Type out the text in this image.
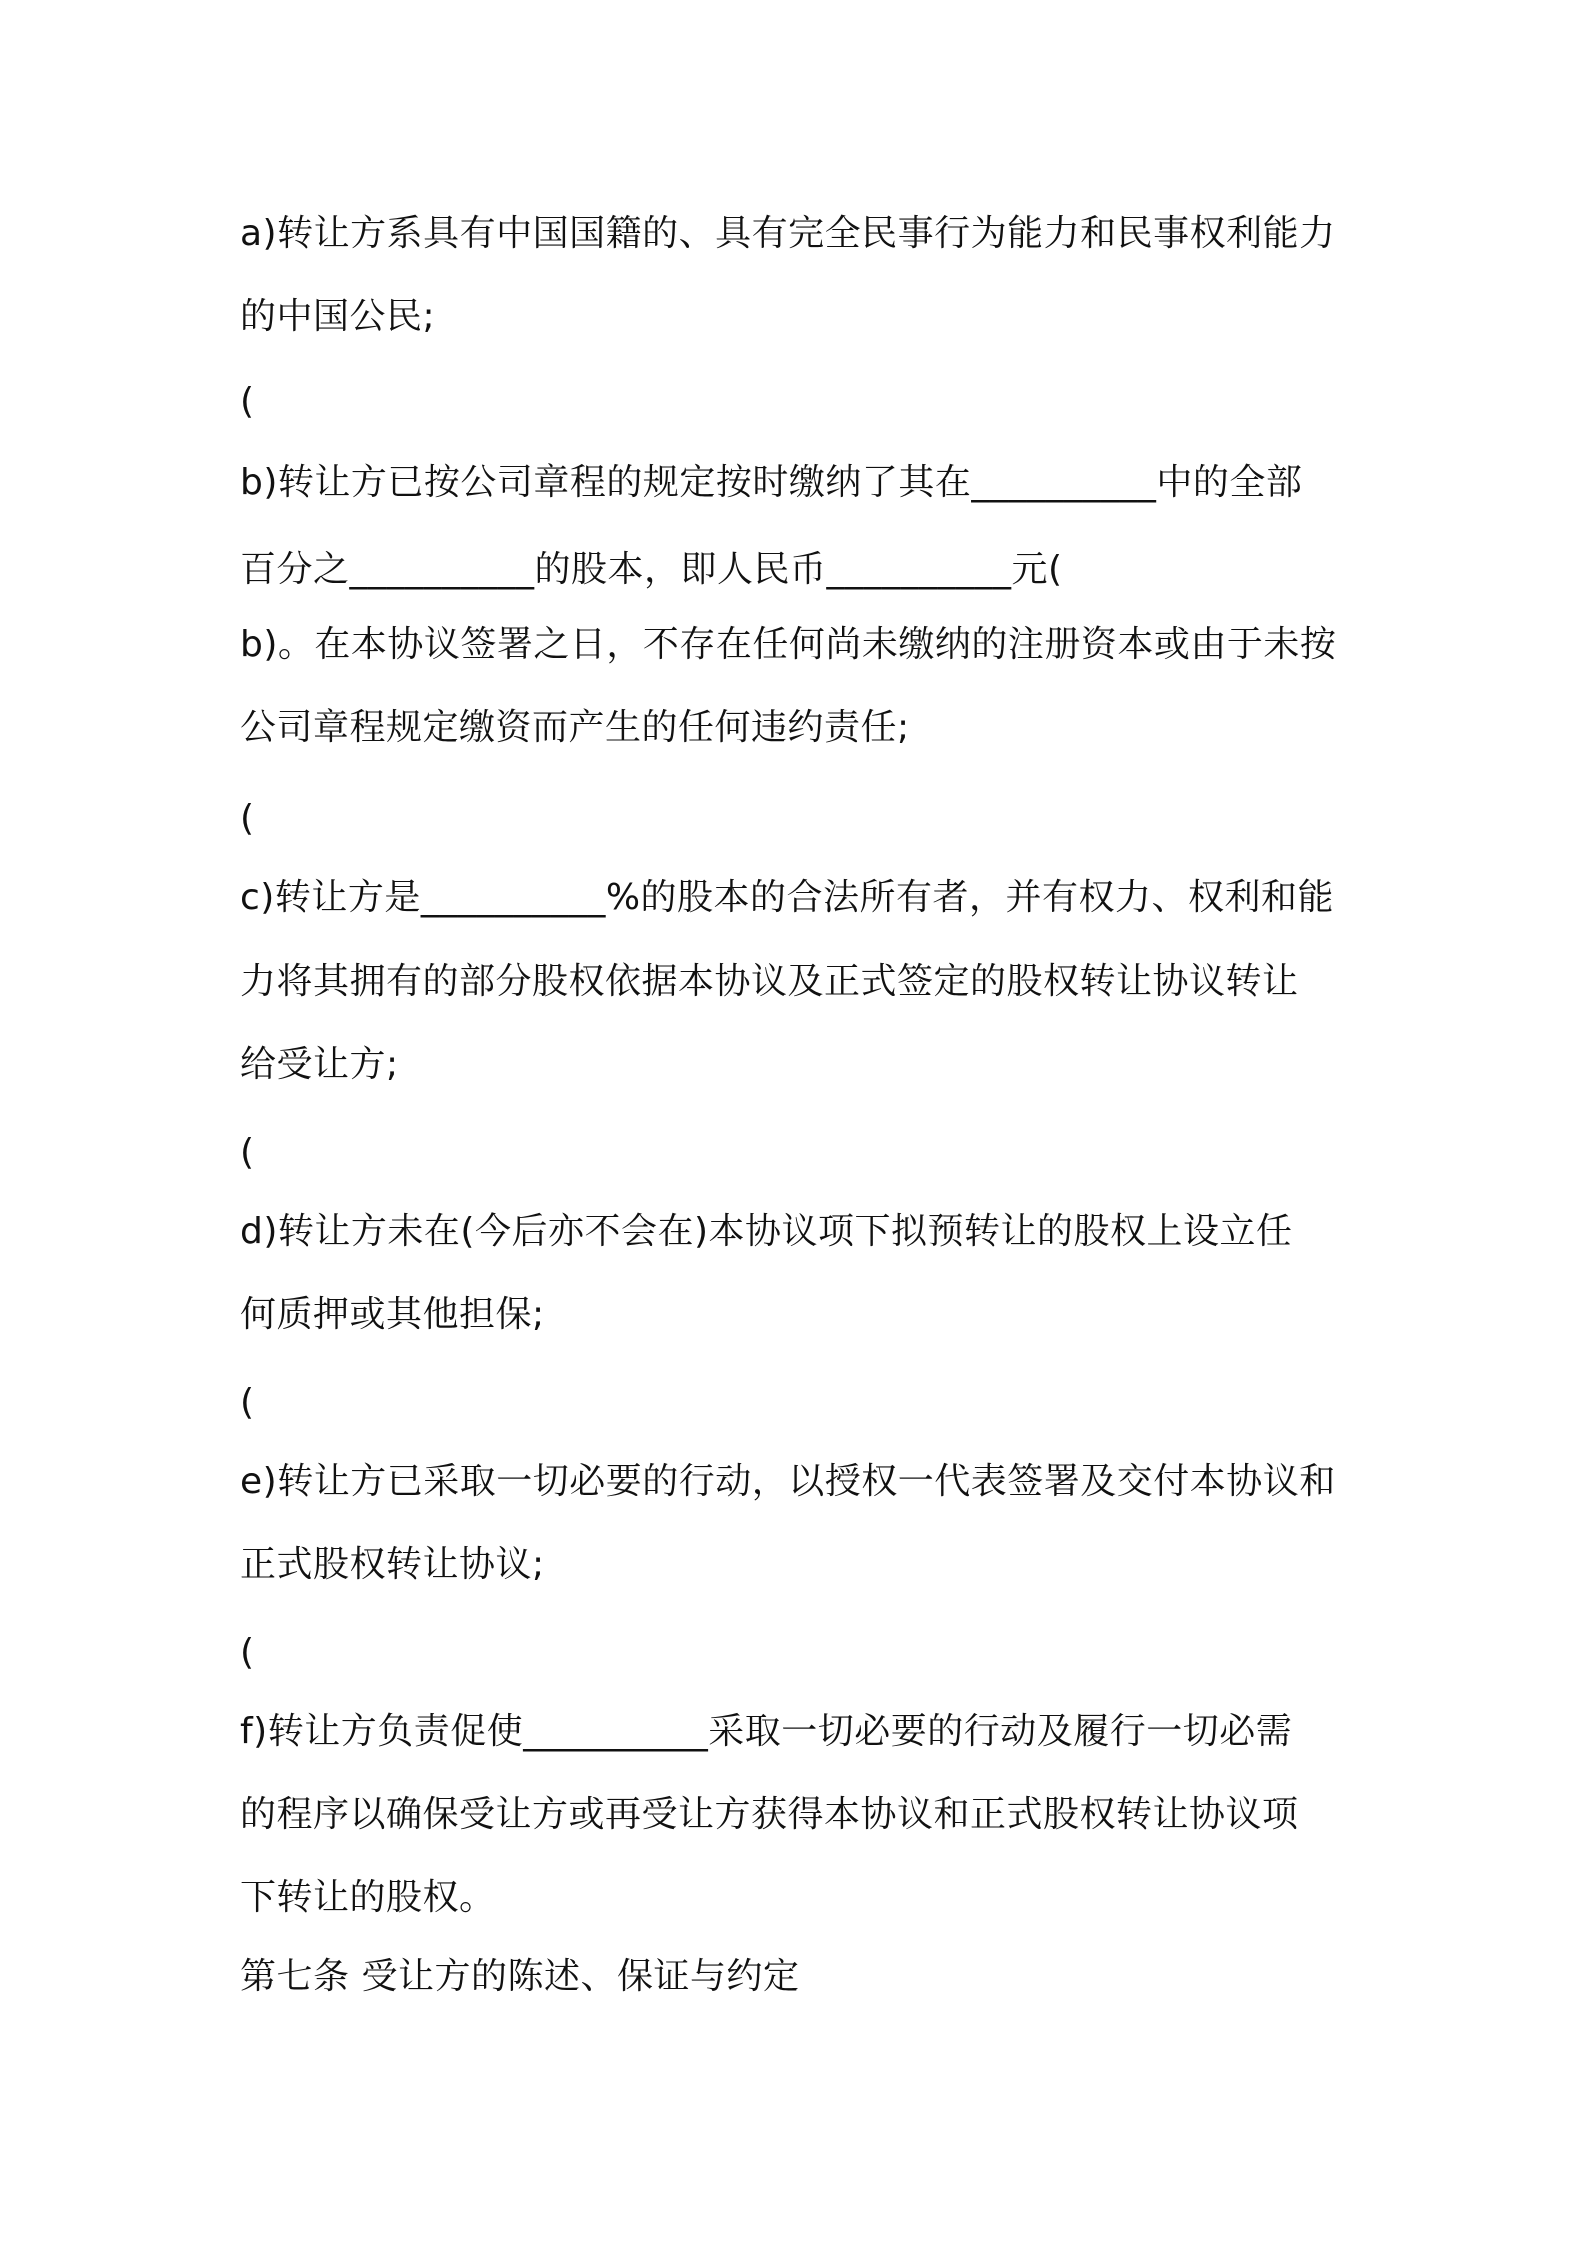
a)转让方系具有中国国籍的、具有完全民事行为能力和民事权利能力
的中国公民;
(
b)转让方已按公司章程的规定按时缴纳了其在__________中的全部
百分之__________的股本，即人民币__________元(
b)。在本协议签署之日，不存在任何尚未缴纳的注册资本或由于未按
公司章程规定缴资而产生的任何违约责任;
(
c)转让方是__________%的股本的合法所有者，并有权力、权利和能
力将其拥有的部分股权依据本协议及正式签定的股权转让协议转让
给受让方;
(
d)转让方未在(今后亦不会在)本协议项下拟预转让的股权上设立任
何质押或其他担保;
(
e)转让方已采取一切必要的行动，以授权一代表签署及交付本协议和
正式股权转让协议;
(
f)转让方负责促使__________采取一切必要的行动及履行一切必需
的程序以确保受让方或再受让方获得本协议和正式股权转让协议项
下转让的股权。
第七条 受让方的陈述、保证与约定
